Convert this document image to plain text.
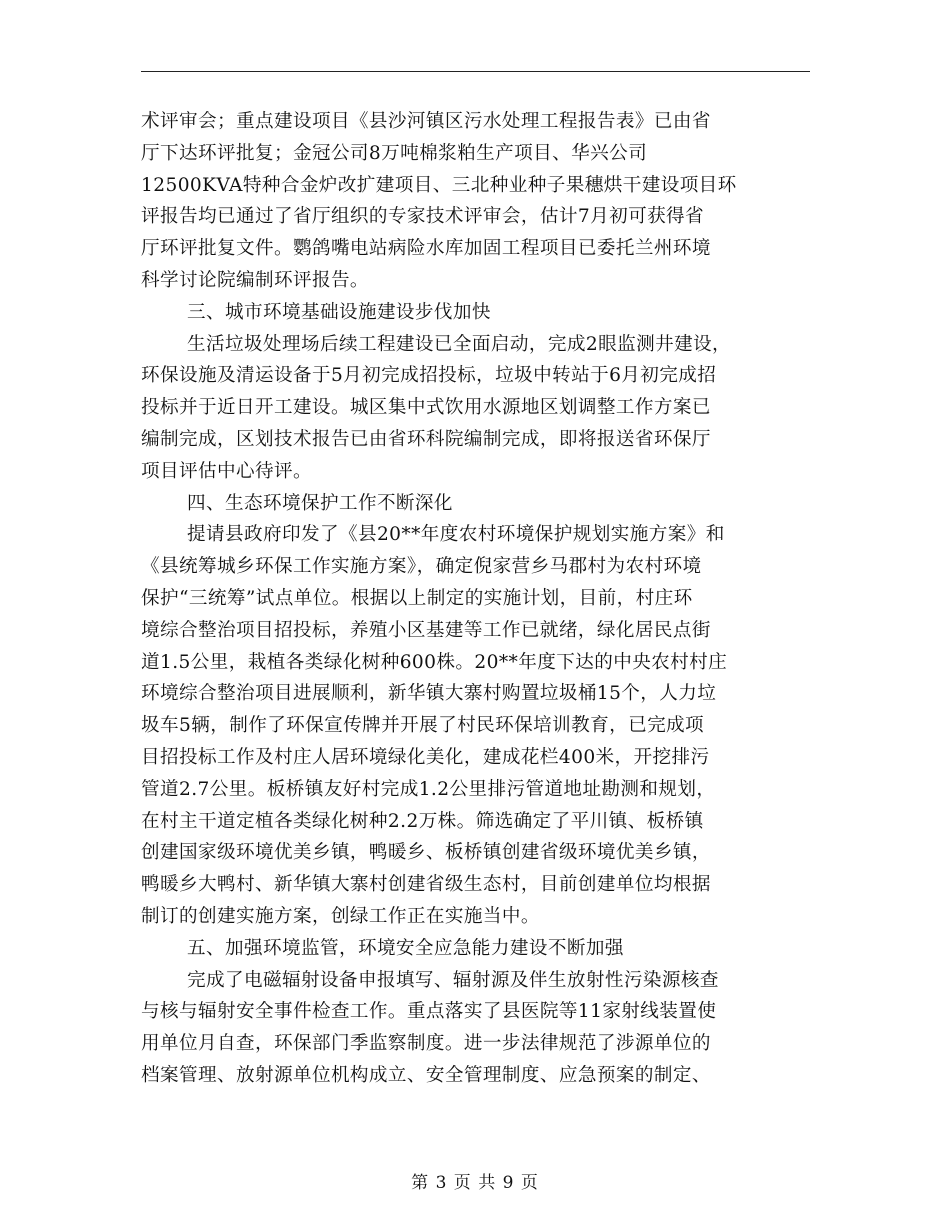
术评审会；重点建设项目《县沙河镇区污水处理工程报告表》已由省
厅下达环评批复；金冠公司8万吨棉浆粕生产项目、华兴公司
12500KVA特种合金炉改扩建项目、三北种业种子果穗烘干建设项目环
评报告均已通过了省厅组织的专家技术评审会，估计7月初可获得省
厅环评批复文件。鹦鸽嘴电站病险水库加固工程项目已委托兰州环境
科学讨论院编制环评报告。
三、城市环境基础设施建设步伐加快
生活垃圾处理场后续工程建设已全面启动，完成2眼监测井建设，
环保设施及清运设备于5月初完成招投标，垃圾中转站于6月初完成招
投标并于近日开工建设。城区集中式饮用水源地区划调整工作方案已
编制完成，区划技术报告已由省环科院编制完成，即将报送省环保厅
项目评估中心待评。
四、生态环境保护工作不断深化
提请县政府印发了《县20**年度农村环境保护规划实施方案》和
《县统筹城乡环保工作实施方案》，确定倪家营乡马郡村为农村环境
保护“三统筹”试点单位。根据以上制定的实施计划，目前，村庄环
境综合整治项目招投标，养殖小区基建等工作已就绪，绿化居民点街
道1.5公里，栽植各类绿化树种600株。20**年度下达的中央农村村庄
环境综合整治项目进展顺利，新华镇大寨村购置垃圾桶15个，人力垃
圾车5辆，制作了环保宣传牌并开展了村民环保培训教育，已完成项
目招投标工作及村庄人居环境绿化美化，建成花栏400米，开挖排污
管道2.7公里。板桥镇友好村完成1.2公里排污管道地址勘测和规划，
在村主干道定植各类绿化树种2.2万株。筛选确定了平川镇、板桥镇
创建国家级环境优美乡镇，鸭暖乡、板桥镇创建省级环境优美乡镇，
鸭暖乡大鸭村、新华镇大寨村创建省级生态村，目前创建单位均根据
制订的创建实施方案，创绿工作正在实施当中。
五、加强环境监管，环境安全应急能力建设不断加强
完成了电磁辐射设备申报填写、辐射源及伴生放射性污染源核查
与核与辐射安全事件检查工作。重点落实了县医院等11家射线装置使
用单位月自查，环保部门季监察制度。进一步法律规范了涉源单位的
档案管理、放射源单位机构成立、安全管理制度、应急预案的制定、
第 3 页 共 9 页
